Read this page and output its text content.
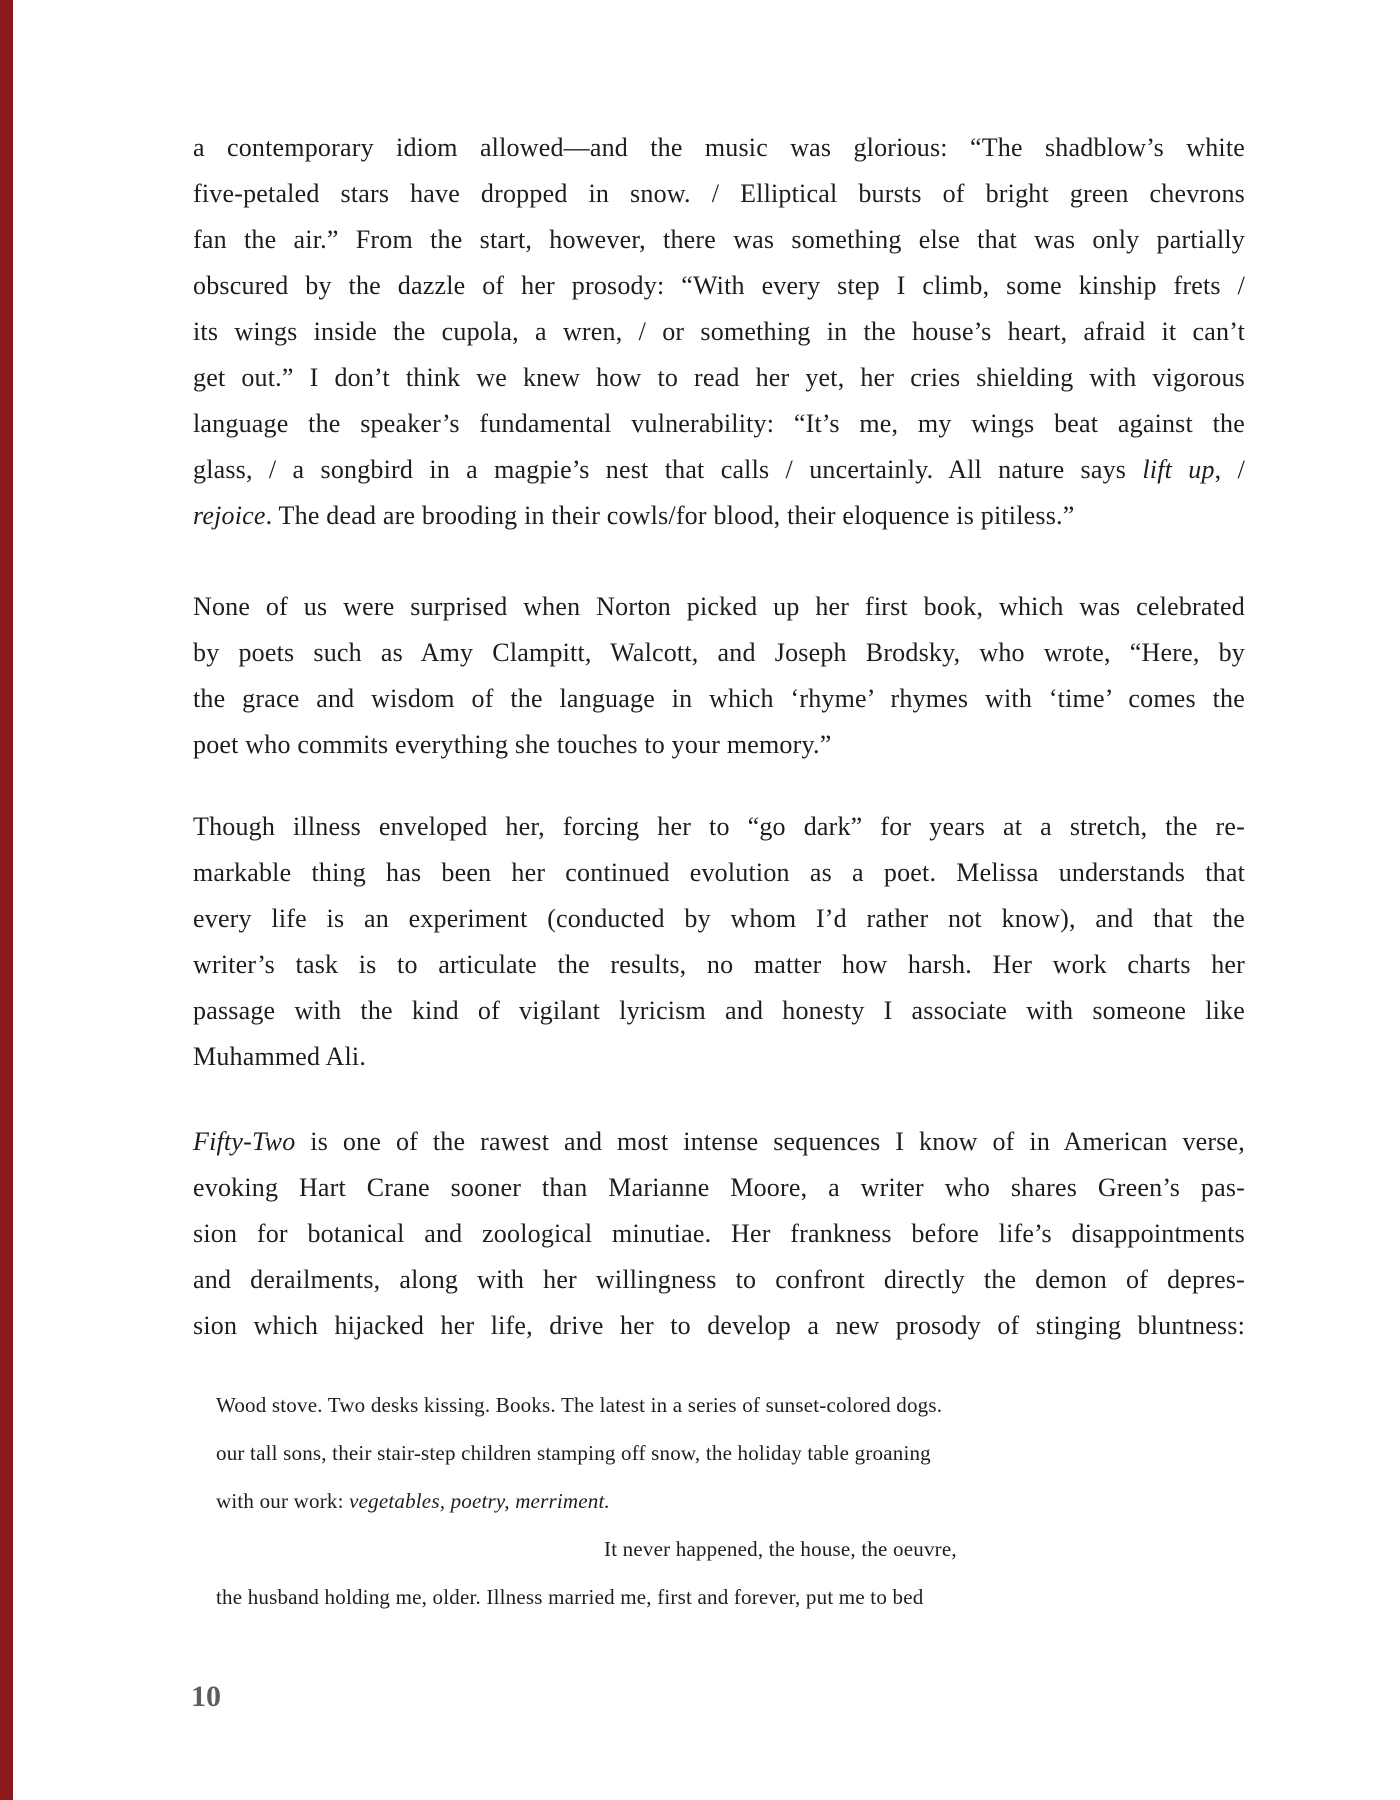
a contemporary idiom allowed—and the music was glorious: “The shadblow’s white
five-petaled stars have dropped in snow. / Elliptical bursts of bright green chevrons
fan the air.” From the start, however, there was something else that was only partially
obscured by the dazzle of her prosody: “With every step I climb, some kinship frets /
its wings inside the cupola, a wren, / or something in the house’s heart, afraid it can’t
get out.” I don’t think we knew how to read her yet, her cries shielding with vigorous
language the speaker’s fundamental vulnerability: “It’s me, my wings beat against the
glass, / a songbird in a magpie’s nest that calls / uncertainly. All nature says lift up, /
rejoice. The dead are brooding in their cowls/for blood, their eloquence is pitiless.”
None of us were surprised when Norton picked up her first book, which was celebrated
by poets such as Amy Clampitt, Walcott, and Joseph Brodsky, who wrote, “Here, by
the grace and wisdom of the language in which ‘rhyme’ rhymes with ‘time’ comes the
poet who commits everything she touches to your memory.”
Though illness enveloped her, forcing her to “go dark” for years at a stretch, the re-
markable thing has been her continued evolution as a poet. Melissa understands that
every life is an experiment (conducted by whom I’d rather not know), and that the
writer’s task is to articulate the results, no matter how harsh. Her work charts her
passage with the kind of vigilant lyricism and honesty I associate with someone like
Muhammed Ali.
Fifty-Two is one of the rawest and most intense sequences I know of in American verse,
evoking Hart Crane sooner than Marianne Moore, a writer who shares Green’s pas-
sion for botanical and zoological minutiae. Her frankness before life’s disappointments
and derailments, along with her willingness to confront directly the demon of depres-
sion which hijacked her life, drive her to develop a new prosody of stinging bluntness:
Wood stove. Two desks kissing. Books. The latest in a series of sunset-colored dogs.
our tall sons, their stair-step children stamping off snow, the holiday table groaning
with our work: vegetables, poetry, merriment.
It never happened, the house, the oeuvre,
the husband holding me, older. Illness married me, first and forever, put me to bed
10
